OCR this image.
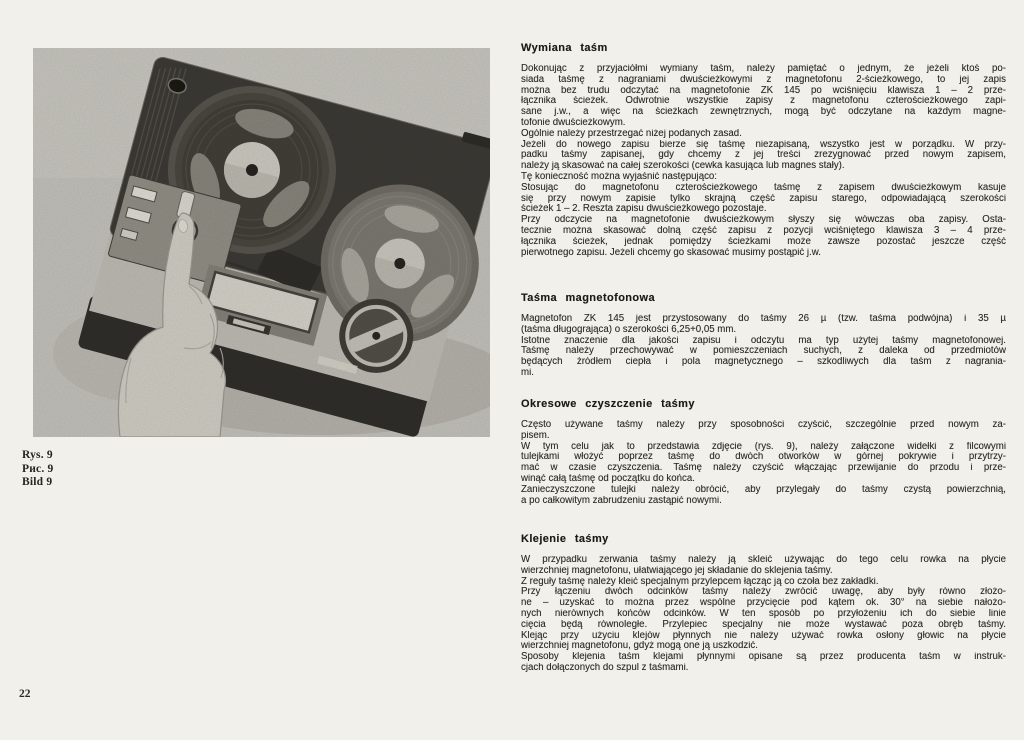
Rys. 9
Рис. 9
Bild 9
22
Wymiana taśm
Dokonując z przyjaciółmi wymiany taśm, należy pamiętać o jednym, że jeżeli ktoś po-
siada taśmę z nagraniami dwuścieżkowymi z magnetofonu 2-ścieżkowego, to jej zapis
można bez trudu odczytać na magnetofonie ZK 145 po wciśnięciu klawisza 1 – 2 prze-
łącznika ścieżek. Odwrotnie wszystkie zapisy z magnetofonu czterościeżkowego zapi-
sane j.w., a więc na ścieżkach zewnętrznych, mogą być odczytane na każdym magne-
tofonie dwuścieżkowym.
Ogólnie należy przestrzegać niżej podanych zasad.
Jeżeli do nowego zapisu bierze się taśmę niezapisaną, wszystko jest w porządku. W przy-
padku taśmy zapisanej, gdy chcemy z jej treści zrezygnować przed nowym zapisem,
należy ją skasować na całej szerokości (cewka kasująca lub magnes stały).
Tę konieczność można wyjaśnić następująco:
Stosując do magnetofonu czterościeżkowego taśmę z zapisem dwuścieżkowym kasuje
się przy nowym zapisie tylko skrajną część zapisu starego, odpowiadającą szerokości
ścieżek 1 – 2. Reszta zapisu dwuścieżkowego pozostaje.
Przy odczycie na magnetofonie dwuścieżkowym słyszy się wówczas oba zapisy. Osta-
tecznie można skasować dolną część zapisu z pozycji wciśniętego klawisza 3 – 4 prze-
łącznika ścieżek, jednak pomiędzy ścieżkami może zawsze pozostać jeszcze część
pierwotnego zapisu. Jeżeli chcemy go skasować musimy postąpić j.w.
Taśma magnetofonowa
Magnetofon ZK 145 jest przystosowany do taśmy 26 µ (tzw. taśma podwójna) i 35 µ
(taśma długogrająca) o szerokości 6,25+0,05 mm.
Istotne znaczenie dla jakości zapisu i odczytu ma typ użytej taśmy magnetofonowej.
Taśmę należy przechowywać w pomieszczeniach suchych, z daleka od przedmiotów
będących źródłem ciepła i pola magnetycznego – szkodliwych dla taśm z nagrania-
mi.
Okresowe czyszczenie taśmy
Często używane taśmy należy przy sposobności czyścić, szczególnie przed nowym za-
pisem.
W tym celu jak to przedstawia zdjęcie (rys. 9), należy załączone widełki z filcowymi
tulejkami włożyć poprzez taśmę do dwóch otworków w górnej pokrywie i przytrzy-
mać w czasie czyszczenia. Taśmę należy czyścić włączając przewijanie do przodu i prze-
winąć całą taśmę od początku do końca.
Zanieczyszczone tulejki należy obrócić, aby przylegały do taśmy czystą powierzchnią,
a po całkowitym zabrudzeniu zastąpić nowymi.
Klejenie taśmy
W przypadku zerwania taśmy należy ją skleić używając do tego celu rowka na płycie
wierzchniej magnetofonu, ułatwiającego jej składanie do sklejenia taśmy.
Z reguły taśmę należy kleić specjalnym przylepcem łącząc ją co czoła bez zakładki.
Przy łączeniu dwóch odcinków taśmy należy zwrócić uwagę, aby były równo złożo-
ne – uzyskać to można przez wspólne przycięcie pod kątem ok. 30° na siebie nałożo-
nych nierównych końców odcinków. W ten sposób po przyłożeniu ich do siebie linie
cięcia będą równoległe. Przylepiec specjalny nie może wystawać poza obręb taśmy.
Klejąc przy użyciu klejów płynnych nie należy używać rowka osłony głowic na płycie
wierzchniej magnetofonu, gdyż mogą one ją uszkodzić.
Sposoby klejenia taśm klejami płynnymi opisane są przez producenta taśm w instruk-
cjach dołączonych do szpul z taśmami.
